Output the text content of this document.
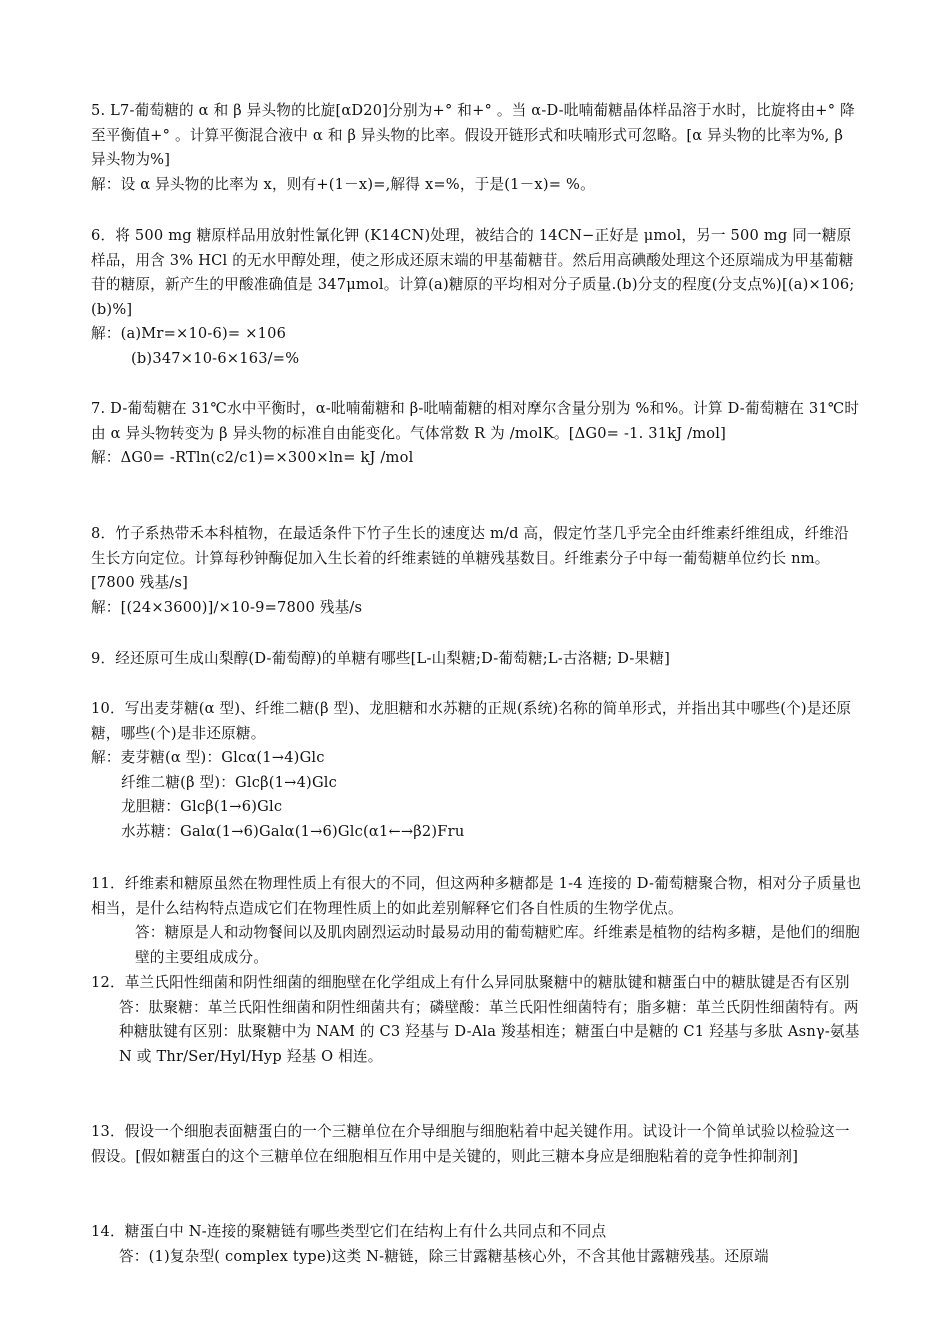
5. L7-葡萄糖的 α 和 β 异头物的比旋[αD20]分别为+° 和+° 。当 α-D-吡喃葡糖晶体样品溶于水时，比旋将由+° 降至平衡值+° 。计算平衡混合液中 α 和 β 异头物的比率。假设开链形式和呋喃形式可忽略。[α 异头物的比率为%, β 异头物为%]

解：设 α 异头物的比率为 x，则有+(1－x)=,解得 x=%，于是(1－x)= %。

6．将 500 mg 糖原样品用放射性氰化钾 (K14CN)处理，被结合的 14CN−正好是 μmol，另一 500 mg 同一糖原样品，用含 3% HCl 的无水甲醇处理，使之形成还原末端的甲基葡糖苷。然后用高碘酸处理这个还原端成为甲基葡糖苷的糖原，新产生的甲酸准确值是 347μmol。计算(a)糖原的平均相对分子质量.(b)分支的程度(分支点%)[(a)×106; (b)%]

解：(a)Mr=×10-6)= ×106

(b)347×10-6×163/=%

7. D-葡萄糖在 31℃水中平衡时，α-吡喃葡糖和 β-吡喃葡糖的相对摩尔含量分别为 %和%。计算 D-葡萄糖在 31℃时由 α 异头物转变为 β 异头物的标准自由能变化。气体常数 R 为 /molK。[ΔG0= -1. 31kJ /mol]

解：ΔG0= -RTln(c2/c1)=×300×ln= kJ /mol

8．竹子系热带禾本科植物，在最适条件下竹子生长的速度达 m/d 高，假定竹茎几乎完全由纤维素纤维组成，纤维沿生长方向定位。计算每秒钟酶促加入生长着的纤维素链的单糖残基数目。纤维素分子中每一葡萄糖单位约长 nm。[7800 残基/s]

解：[(24×3600)]/×10-9=7800 残基/s

9．经还原可生成山梨醇(D-葡萄醇)的单糖有哪些[L-山梨糖;D-葡萄糖;L-古洛糖; D-果糖]

10．写出麦芽糖(α 型)、纤维二糖(β 型)、龙胆糖和水苏糖的正规(系统)名称的简单形式，并指出其中哪些(个)是还原糖，哪些(个)是非还原糖。

解：麦芽糖(α 型)：Glcα(1→4)Glc

纤维二糖(β 型)：Glcβ(1→4)Glc

龙胆糖：Glcβ(1→6)Glc

水苏糖：Galα(1→6)Galα(1→6)Glc(α1←→β2)Fru

11．纤维素和糖原虽然在物理性质上有很大的不同，但这两种多糖都是 1-4 连接的 D-葡萄糖聚合物，相对分子质量也相当，是什么结构特点造成它们在物理性质上的如此差别解释它们各自性质的生物学优点。

答：糖原是人和动物餐间以及肌肉剧烈运动时最易动用的葡萄糖贮库。纤维素是植物的结构多糖，是他们的细胞壁的主要组成成分。

12．革兰氏阳性细菌和阴性细菌的细胞壁在化学组成上有什么异同肽聚糖中的糖肽键和糖蛋白中的糖肽键是否有区别

答：肽聚糖：革兰氏阳性细菌和阴性细菌共有；磷壁酸：革兰氏阳性细菌特有；脂多糖：革兰氏阴性细菌特有。两种糖肽键有区别：肽聚糖中为 NAM 的 C3 羟基与 D-Ala 羧基相连；糖蛋白中是糖的 C1 羟基与多肽 Asnγ-氨基 N 或 Thr/Ser/Hyl/Hyp 羟基 O 相连。

13．假设一个细胞表面糖蛋白的一个三糖单位在介导细胞与细胞粘着中起关键作用。试设计一个简单试验以检验这一假设。[假如糖蛋白的这个三糖单位在细胞相互作用中是关键的，则此三糖本身应是细胞粘着的竞争性抑制剂]

14．糖蛋白中 N-连接的聚糖链有哪些类型它们在结构上有什么共同点和不同点

答：(1)复杂型( complex type)这类 N-糖链，除三甘露糖基核心外，不含其他甘露糖残基。还原端
